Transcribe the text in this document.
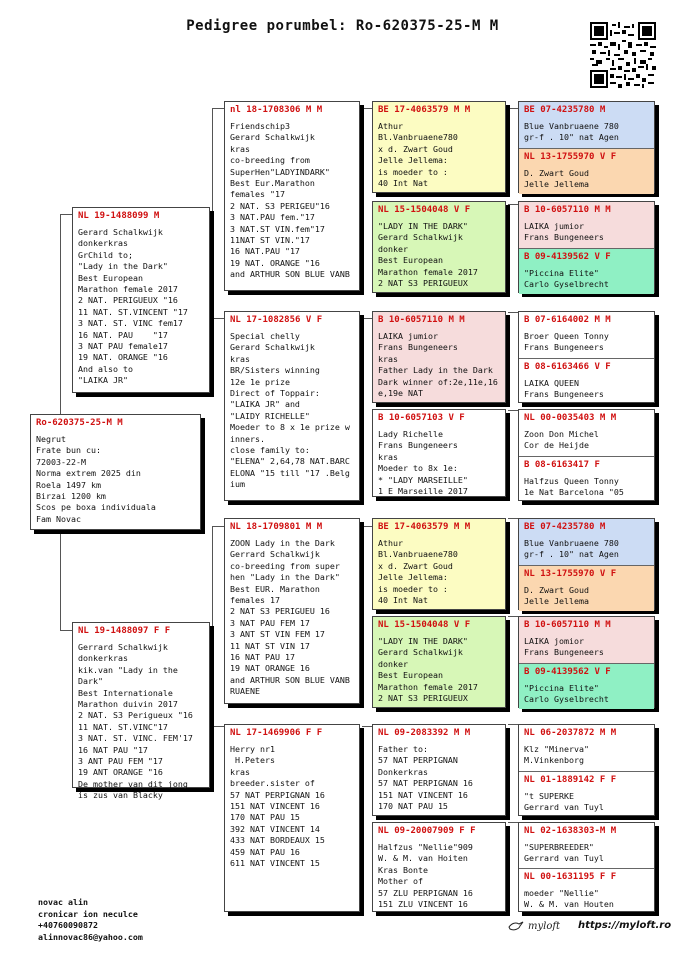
Pedigree porumbel: Ro-620375-25-M M
Ro-620375-25-M M
Negrut
Frate bun cu:
72003-22-M
Norma extrem 2025 din
Roela 1497 km
Birzai 1200 km
Scos pe boxa individuala
Fam Novac
NL 19-1488099 M
Gerard Schalkwijk
donkerkras
GrChild to;
"Lady in the Dark"
Best European
Marathon female 2017
2 NAT. PERIGUEUX "16
11 NAT. ST.VINCENT "17
3 NAT. ST. VINC fem17
16 NAT. PAU    "17
3 NAT PAU female17
19 NAT. ORANGE "16
And also to
"LAIKA JR"
NL 19-1488097 F F
Gerrard Schalkwijk
donkerkras
kik.van "Lady in the
Dark"
Best Internationale
Marathon duivin 2017
2 NAT. S3 Perigueux "16
11 NAT. ST.VINC"17
3 NAT. ST. VINC. FEM'17
16 NAT PAU "17
3 ANT PAU FEM "17
19 ANT ORANGE "16
De mother van dit jong
is zus van Blacky
nl 18-1708306 M M
Friendschip3
Gerard Schalkwijk
kras
co-breeding from
SuperHen"LADYINDARK"
Best Eur.Marathon
females "17
2 NAT. S3 PERIGEU"16
3 NAT.PAU fem."17
3 NAT.ST VIN.fem"17
11NAT ST VIN."17
16 NAT.PAU "17
19 NAT. ORANGE "16
and ARTHUR SON BLUE VANB
NL 17-1082856 V F
Special chelly
Gerard Schalkwijk
kras
BR/Sisters winning
12e 1e prize
Direct of Toppair:
"LAIKA JR" and
"LAIDY RICHELLE"
Moeder to 8 x 1e prize w
inners.
close family to:
"ELENA" 2,64,78 NAT.BARC
ELONA "15 till "17 .Belg
ium
NL 18-1709801 M M
ZOON Lady in the Dark
Gerrard Schalkwijk
co-breeding from super
hen "Lady in the Dark"
Best EUR. Marathon
females 17
2 NAT S3 PERIGUEU 16
3 NAT PAU FEM 17
3 ANT ST VIN FEM 17
11 NAT ST VIN 17
16 NAT PAU 17
19 NAT ORANGE 16
and ARTHUR SON BLUE VANB
RUAENE
NL 17-1469906 F F
Herry nr1
H.Peters
kras
breeder.sister of
57 NAT PERPIGNAN 16
151 NAT VINCENT 16
170 NAT PAU 15
392 NAT VINCENT 14
433 NAT BORDEAUX 15
459 NAT PAU 16
611 NAT VINCENT 15
BE 17-4063579 M M
Athur
Bl.Vanbruaene780
x d. Zwart Goud
Jelle Jellema:
is moeder to :
40 Int Nat
NL 15-1504048 V F
"LADY IN THE DARK"
Gerard Schalkwijk
donker
Best European
Marathon female 2017
2 NAT S3 PERIGUEUX
B 10-6057110 M M
LAIKA jumior
Frans Bungeneers
kras
Father Lady in the Dark
Dark winner of:2e,11e,16
e,19e NAT
B 10-6057103 V F
Lady Richelle
Frans Bungeneers
kras
Moeder to 8x 1e:
* "LADY MARSEILLE"
1 E Marseille 2017
BE 17-4063579 M M
Athur
Bl.Vanbruaene780
x d. Zwart Goud
Jelle Jellema:
is moeder to :
40 Int Nat
NL 15-1504048 V F
"LADY IN THE DARK"
Gerard Schalkwijk
donker
Best European
Marathon female 2017
2 NAT S3 PERIGUEUX
NL 09-2083392 M M
Father to:
57 NAT PERPIGNAN
Donkerkras
57 NAT PERPIGNAN 16
151 NAT VINCENT 16
170 NAT PAU 15
NL 09-20007909 F F
Halfzus "Nellie"909
W. & M. van Hoiten
Kras Bonte
Mother of
57 ZLU PERPIGNAN 16
151 ZLU VINCENT 16
BE 07-4235780 M
Blue Vanbruaene 780
gr-f . 10" nat Agen
NL 13-1755970 V F
D. Zwart Goud
Jelle Jellema
B 10-6057110 M M
LAIKA jumior
Frans Bungeneers
B 09-4139562 V F
"Piccina Elite"
Carlo Gyselbrecht
B 07-6164002 M M
Broer Queen Tonny
Frans Bungeneers
B 08-6163466 V F
LAIKA QUEEN
Frans Bungeneers
NL 00-0035403 M M
Zoon Don Michel
Cor de Heijde
B 08-6163417 F
Halfzus Queen Tonny
1e Nat Barcelona "05
BE 07-4235780 M
Blue Vanbruaene 780
gr-f . 10" nat Agen
NL 13-1755970 V F
D. Zwart Goud
Jelle Jellema
B 10-6057110 M M
LAIKA jomior
Frans Bungeneers
B 09-4139562 V F
"Piccina Elite"
Carlo Gyselbrecht
NL 06-2037872 M M
Klz "Minerva"
M.Vinkenborg
NL 01-1889142 F F
"t SUPERKE
Gerrard van Tuyl
NL 02-1638303-M M
"SUPERBREEDER"
Gerrard van Tuyl
NL 00-1631195 F F
moeder "Nellie"
W. & M. van Houten
novac alin
cronicar ion neculce
+40760090872
alinnovac86@yahoo.com
myloft https://myloft.ro
